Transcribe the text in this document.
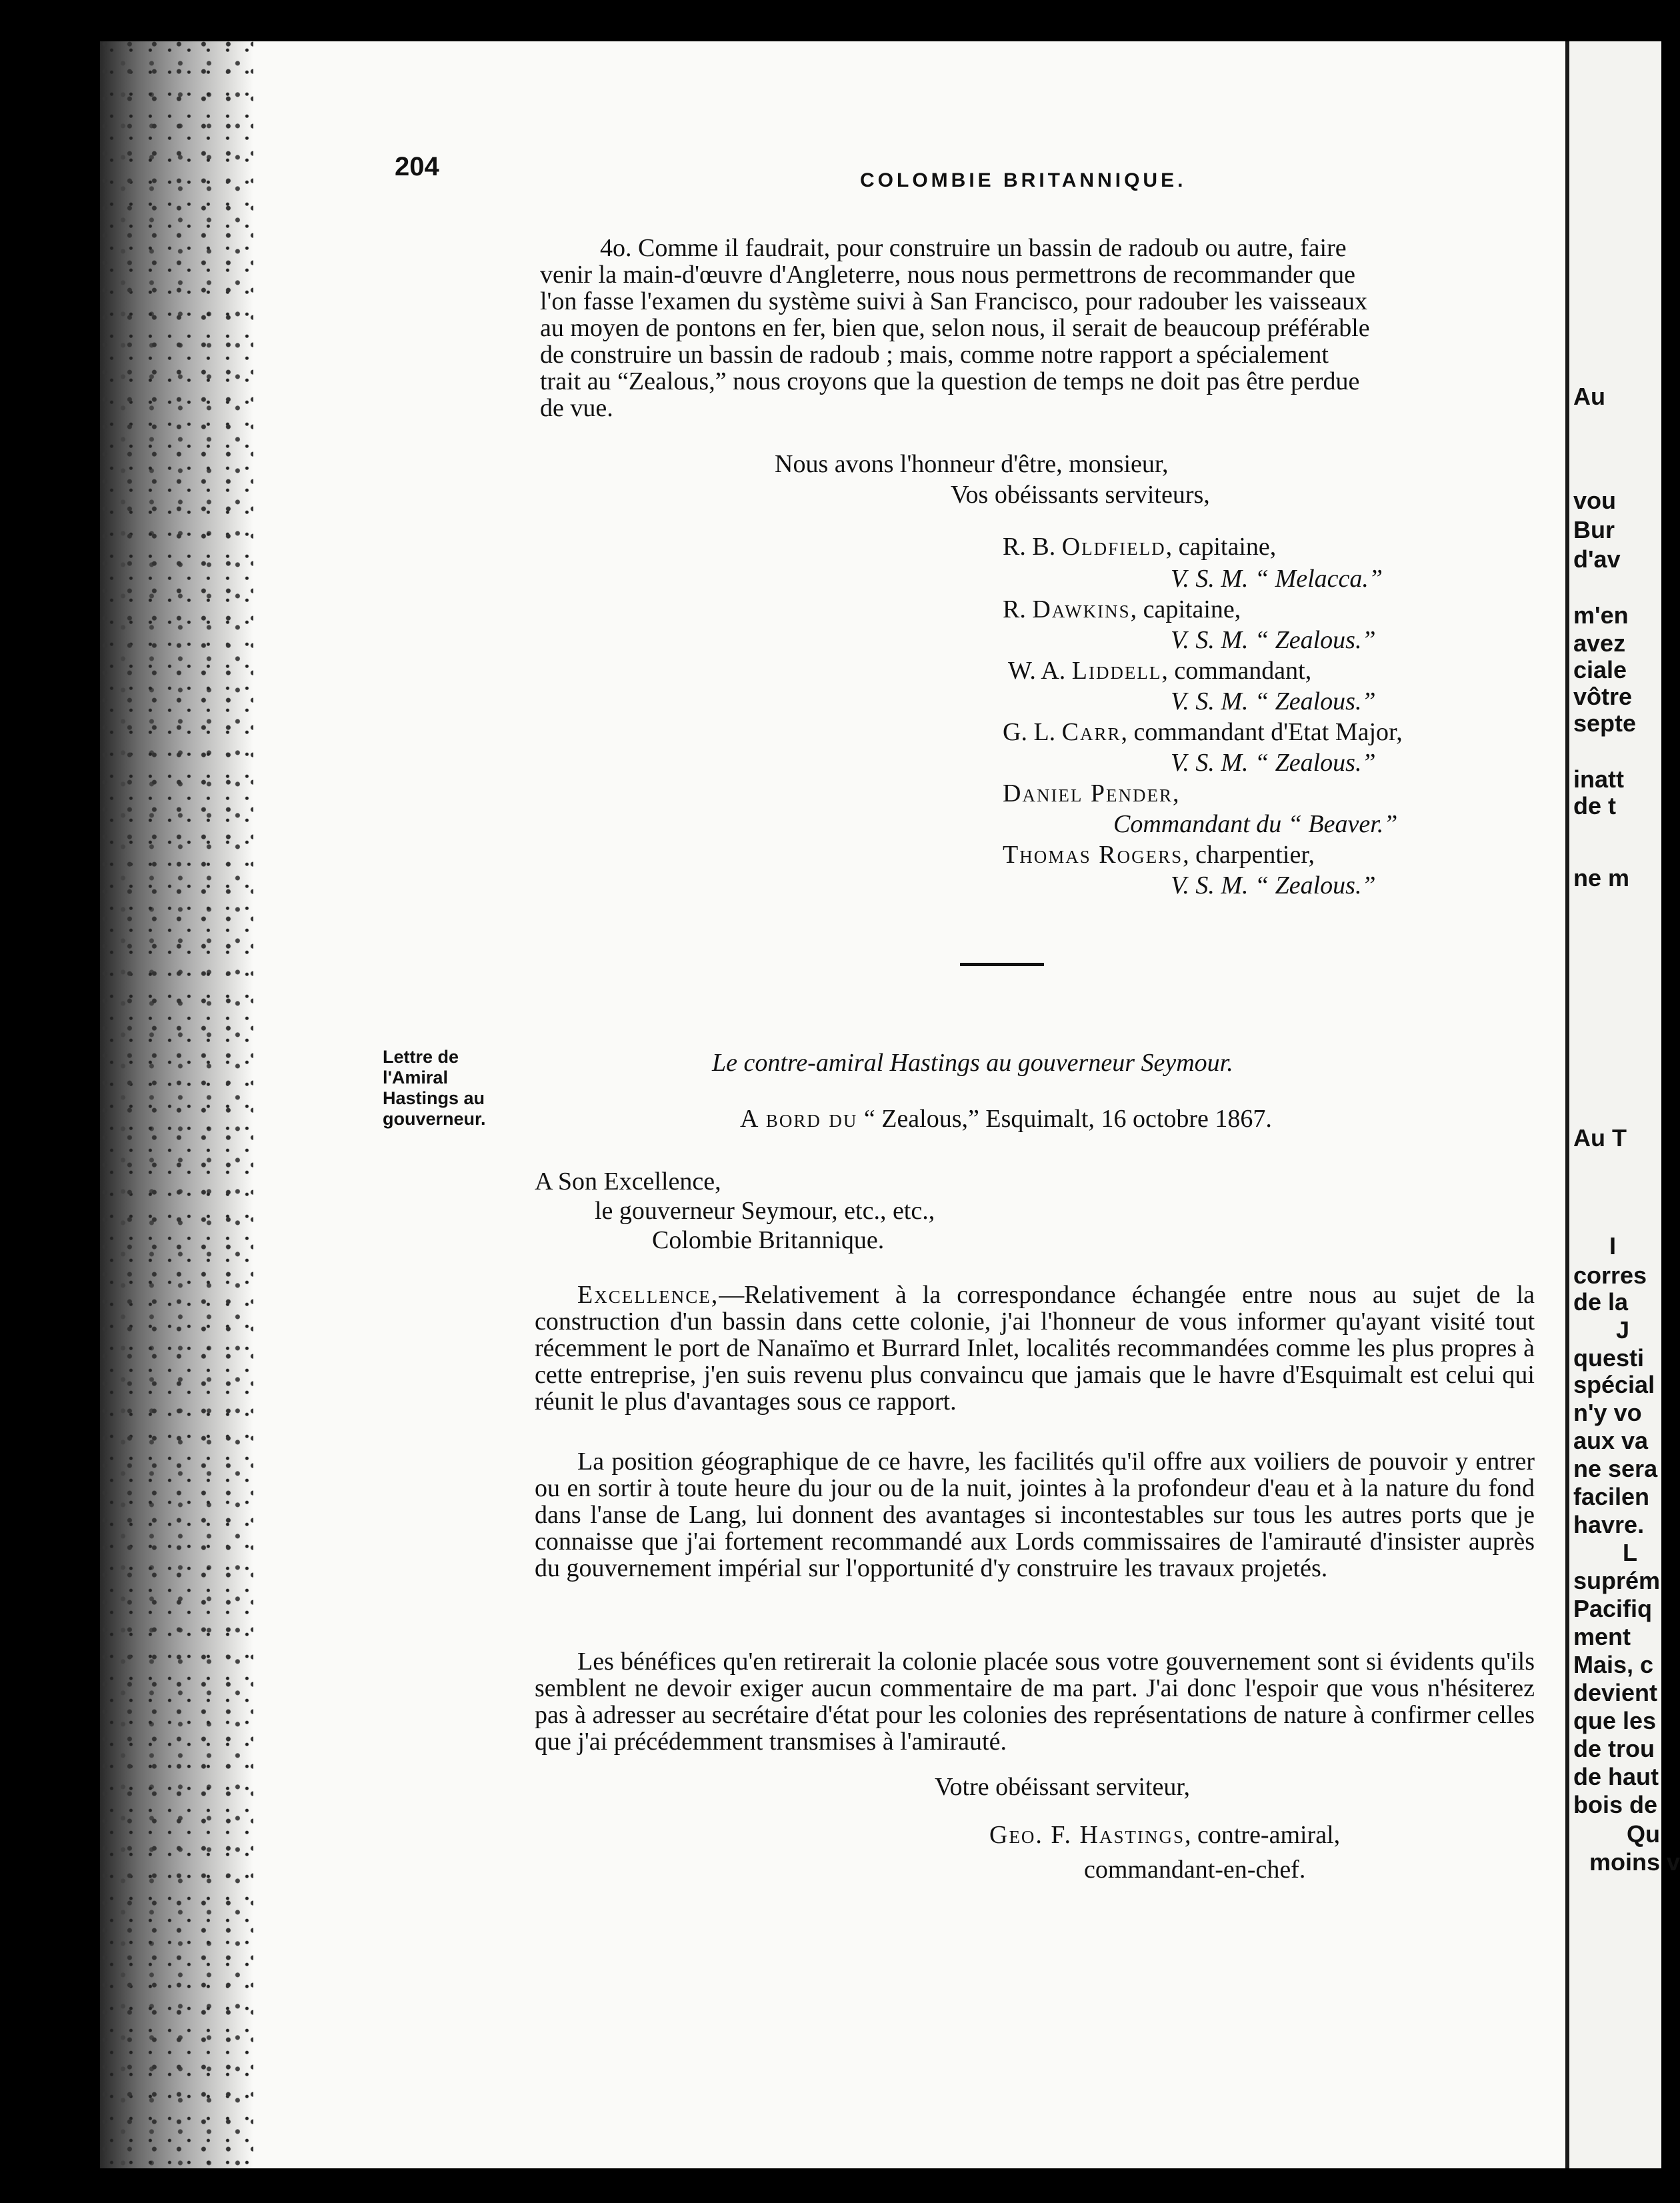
204	COLOMBIE BRITANNIQUE.
4o. Comme il faudrait, pour construire un bassin de radoub ou autre, faire
venir la main-d'œuvre d'Angleterre, nous nous permettrons de recommander que
l'on fasse l'examen du système suivi à San Francisco, pour radouber les vaisseaux
au moyen de pontons en fer, bien que, selon nous, il serait de beaucoup préférable
de construire un bassin de radoub ; mais, comme notre rapport a spécialement
trait au “Zealous,” nous croyons que la question de temps ne doit pas être perdue
de vue.
Nous avons l'honneur d'être, monsieur,
Vos obéissants serviteurs,
R. B. Oldfield, capitaine,
V. S. M. “ Melacca.”
R. Dawkins, capitaine,
V. S. M. “ Zealous.”
W. A. Liddell, commandant,
V. S. M. “ Zealous.”
G. L. Carr, commandant d'Etat Major,
V. S. M. “ Zealous.”
Daniel Pender,
Commandant du “ Beaver.”
Thomas Rogers, charpentier,
V. S. M. “ Zealous.”
Lettre de
l'Amiral
Hastings au
gouverneur.
Le contre-amiral Hastings au gouverneur Seymour.
A bord du “ Zealous,” Esquimalt, 16 octobre 1867.
A Son Excellence,
le gouverneur Seymour, etc., etc.,
Colombie Britannique.
Excellence,—Relativement à la correspondance échangée entre nous au sujet de la construction d'un bassin dans cette colonie, j'ai l'honneur de vous informer qu'ayant visité tout récemment le port de Nanaïmo et Burrard Inlet, localités recommandées comme les plus propres à cette entreprise, j'en suis revenu plus convaincu que jamais que le havre d'Esquimalt est celui qui réunit le plus d'avantages sous ce rapport.
La position géographique de ce havre, les facilités qu'il offre aux voiliers de pouvoir y entrer ou en sortir à toute heure du jour ou de la nuit, jointes à la profondeur d'eau et à la nature du fond dans l'anse de Lang, lui donnent des avantages si incontestables sur tous les autres ports que je connaisse que j'ai fortement recommandé aux Lords commissaires de l'amirauté d'insister auprès du gouvernement impérial sur l'opportunité d'y construire les travaux projetés.
Les bénéfices qu'en retirerait la colonie placée sous votre gouvernement sont si évidents qu'ils semblent ne devoir exiger aucun commentaire de ma part. J'ai donc l'espoir que vous n'hésiterez pas à adresser au secrétaire d'état pour les colonies des représentations de nature à confirmer celles que j'ai précédemment transmises à l'amirauté.
Votre obéissant serviteur,
Geo. F. Hastings, contre-amiral,
commandant-en-chef.
Au
vou
Bur
d'av
m'en
avez
ciale
vôtre
septe
inatt
de t
ne m
Au T
I
corres
de la
J
questi
spécial
n'y vo
aux va
ne sera
facilen
havre.
L
suprém
Pacifiq
ment
Mais, c
devient
que les
de trou
de haut
bois de
Qu
moins v
